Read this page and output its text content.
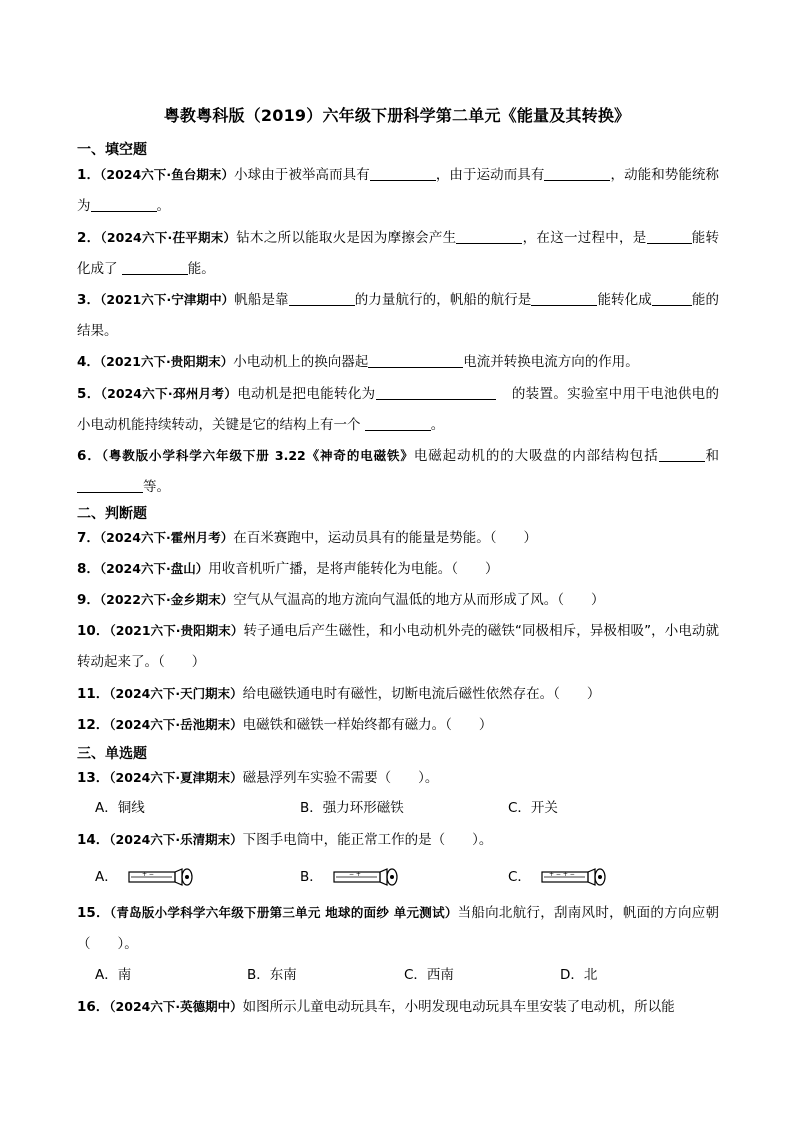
粤教粤科版（2019）六年级下册科学第二单元《能量及其转换》
一、填空题
1．（2024六下·鱼台期末）小球由于被举高而具有	，由于运动而具有	，动能和势能统称为	。
2．（2024六下·茌平期末）钻木之所以能取火是因为摩擦会产生	，在这一过程中，是	能转化成了	能。
3．（2021六下·宁津期中）帆船是靠	的力量航行的，帆船的航行是	能转化成	能的结果。
4．（2021六下·贵阳期末）小电动机上的换向器起	电流并转换电流方向的作用。
5．（2024六下·邳州月考）电动机是把电能转化为	的装置。实验室中用干电池供电的小电动机能持续转动，关键是它的结构上有一个	。
6．（粤教版小学科学六年级下册 3.22《神奇的电磁铁》电磁起动机的的大吸盘的内部结构包括	和等。
二、判断题
7．（2024六下·霍州月考）在百米赛跑中，运动员具有的能量是势能。（　　）
8．（2024六下·盘山）用收音机听广播，是将声能转化为电能。（　　）
9．（2022六下·金乡期末）空气从气温高的地方流向气温低的地方从而形成了风。（　　）
10．（2021六下·贵阳期末）转子通电后产生磁性，和小电动机外壳的磁铁“同极相斥，异极相吸”，小电动就转动起来了。（　　）
11．（2024六下·天门期末）给电磁铁通电时有磁性，切断电流后磁性依然存在。（　　）
12．（2024六下·岳池期末）电磁铁和磁铁一样始终都有磁力。（　　）
三、单选题
13．（2024六下·夏津期末）磁悬浮列车实验不需要（　　）。
A．铜线	B．强力环形磁铁	C．开关
14．（2024六下·乐清期末）下图手电筒中，能正常工作的是（　　）。
A．	+ −	B．	− +	C．	+ − + −
15．（青岛版小学科学六年级下册第三单元 地球的面纱 单元测试）当船向北航行，刮南风时，帆面的方向应朝（　　）。
A．南	B．东南	C．西南	D．北
16．（2024六下·英德期中）如图所示儿童电动玩具车，小明发现电动玩具车里安装了电动机，所以能
